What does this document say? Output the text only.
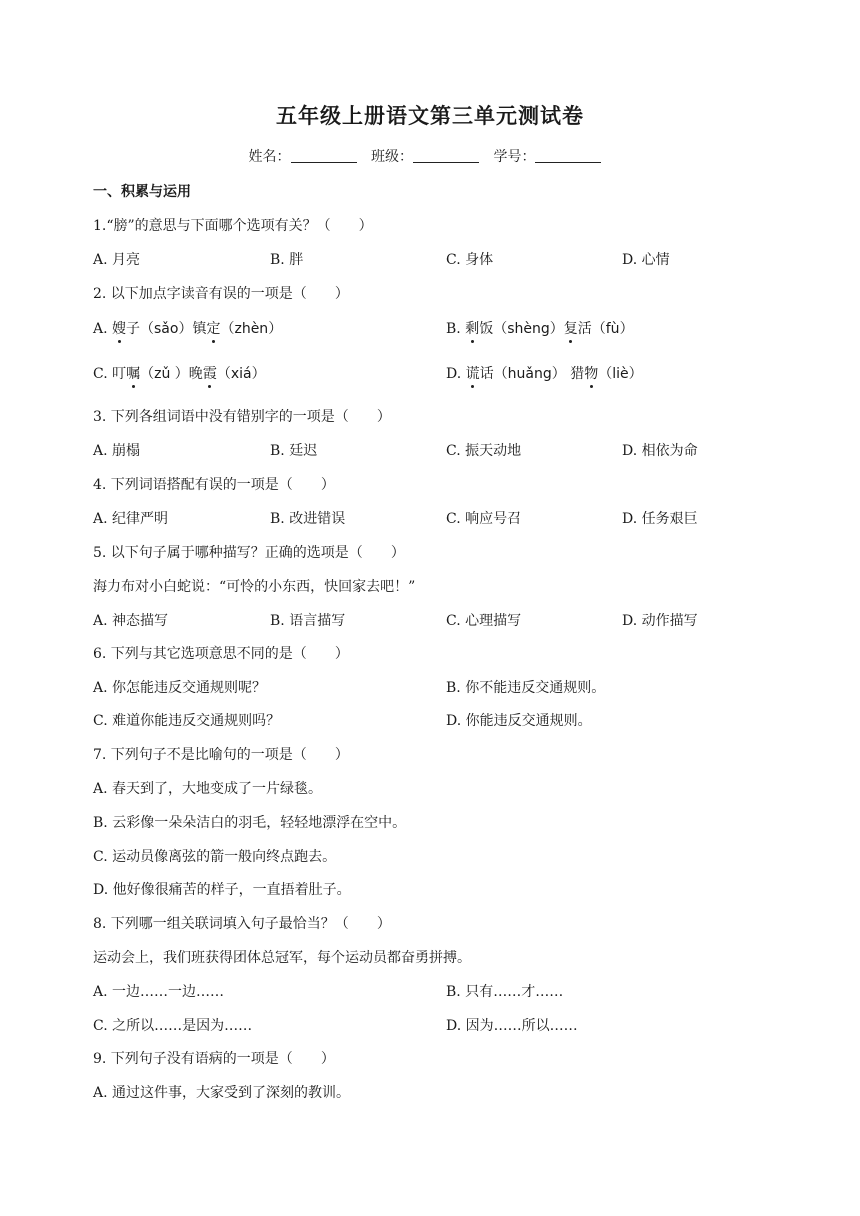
五年级上册语文第三单元测试卷
姓名：	班级：	学号：
一、积累与运用
1.“膀”的意思与下面哪个选项有关？（ ）
A. 月亮	B. 胖	C. 身体	D. 心情
2. 以下加点字读音有误的一项是（ ）
A. 嫂子（sǎo）镇定（zhèn）	B. 剩饭（shèng）复活（fù）
C. 叮嘱（zǔ ）晚霞（xiá）	D. 谎话（huǎng） 猎物（liè）
3. 下列各组词语中没有错别字的一项是（ ）
A. 崩榻	B. 廷迟	C. 振天动地	D. 相依为命
4. 下列词语搭配有误的一项是（ ）
A. 纪律严明	B. 改进错误	C. 响应号召	D. 任务艰巨
5. 以下句子属于哪种描写？正确的选项是（ ）
海力布对小白蛇说：“可怜的小东西，快回家去吧！”
A. 神态描写	B. 语言描写	C. 心理描写	D. 动作描写
6. 下列与其它选项意思不同的是（ ）
A. 你怎能违反交通规则呢？	B. 你不能违反交通规则。
C. 难道你能违反交通规则吗？	D. 你能违反交通规则。
7. 下列句子不是比喻句的一项是（ ）
A. 春天到了，大地变成了一片绿毯。
B. 云彩像一朵朵洁白的羽毛，轻轻地漂浮在空中。
C. 运动员像离弦的箭一般向终点跑去。
D. 他好像很痛苦的样子，一直捂着肚子。
8. 下列哪一组关联词填入句子最恰当？（ ）
运动会上，我们班获得团体总冠军，每个运动员都奋勇拼搏。
A. 一边……一边……	B. 只有……才……
C. 之所以……是因为……	D. 因为……所以……
9. 下列句子没有语病的一项是（ ）
A. 通过这件事，大家受到了深刻的教训。
